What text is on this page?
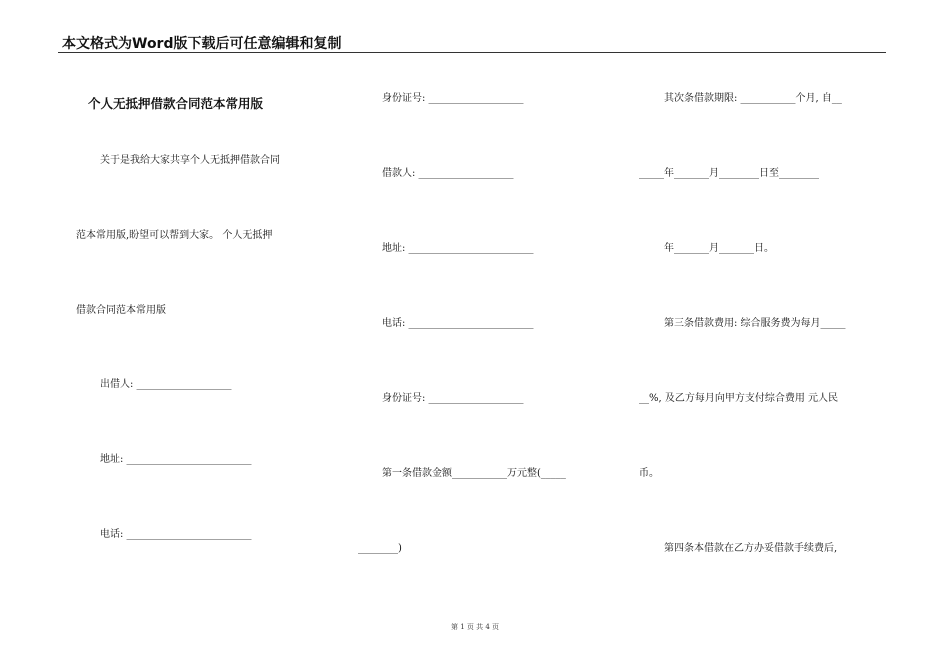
本文格式为Word版下载后可任意编辑和复制
个人无抵押借款合同范本常用版
关于是我给大家共享个人无抵押借款合同
范本常用版,盼望可以帮到大家。 个人无抵押
借款合同范本常用版
出借人: ___________________
地址: _________________________
电话: _________________________
身份证号: ___________________
借款人: ___________________
地址: _________________________
电话: _________________________
身份证号: ___________________
第一条借款金额___________万元整(_____
________)
其次条借款期限: ___________个月, 自__
_____年_______月________日至________
年_______月_______日。
第三条借款费用: 综合服务费为每月_____
__%, 及乙方每月向甲方支付综合费用 元人民
币。
第四条本借款在乙方办妥借款手续费后,
第 1 页 共 4 页
